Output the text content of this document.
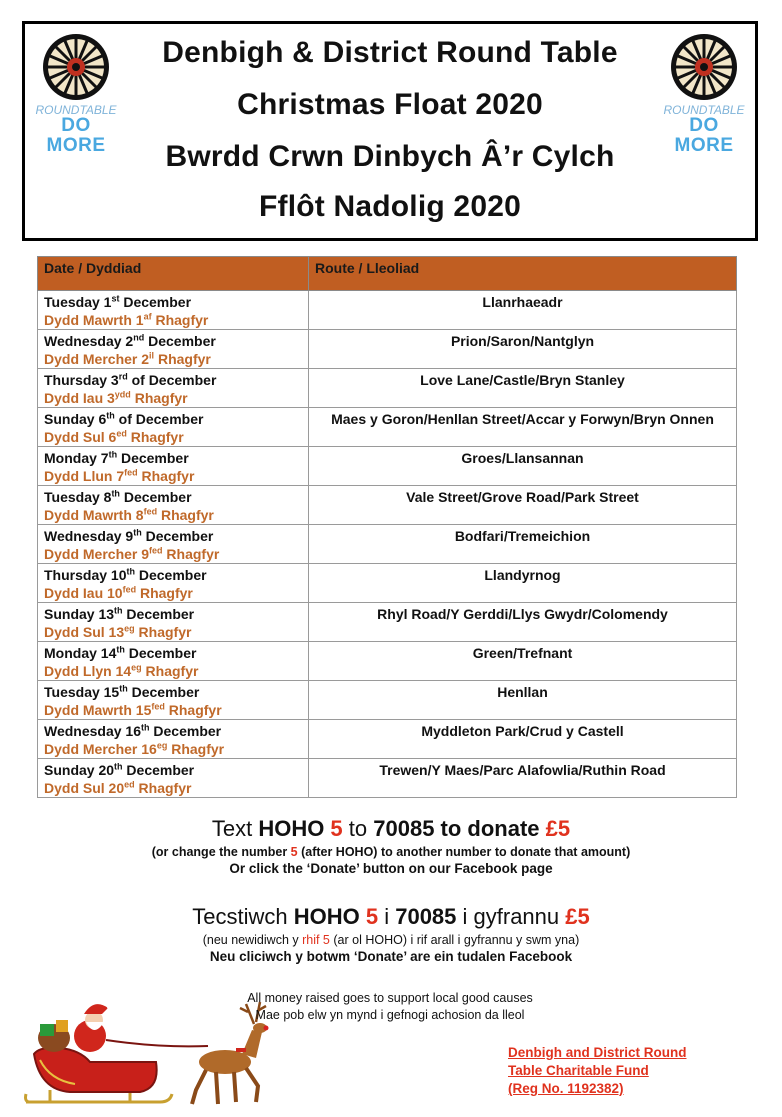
ROUNDTABLE
DO MORE
ROUNDTABLE
DO MORE
Denbigh & District Round Table
Christmas Float 2020
Bwrdd Crwn Dinbych Â’r Cylch
Fflôt Nadolig 2020
Date / Dyddiad	Route / Lleoliad

Tuesday 1st December
Dydd Mawrth $1^{af}$ Rhagfyr	Llanrhaeadr

Wednesday 2nd December
Dydd Mercher $2^{il}$ Rhagfyr	Prion/Saron/Nantglyn

Thursday 3rd of December
Dydd Iau $3^{ydd}$ Rhagfyr	Love Lane/Castle/Bryn Stanley

Sunday 6th of December
Dydd Sul $6^{ed}$ Rhagfyr	Maes y Goron/Henllan Street/Accar y Forwyn/Bryn Onnen

Monday 7th December
Dydd Llun $7^{fed}$ Rhagfyr	Groes/Llansannan

Tuesday 8th December
Dydd Mawrth $8^{fed}$ Rhagfyr	Vale Street/Grove Road/Park Street

Wednesday 9th December
Dydd Mercher $9^{fed}$ Rhagfyr	Bodfari/Tremeichion

Thursday 10th December
Dydd Iau $10^{fed}$ Rhagfyr	Llandyrnog

Sunday 13th December
Dydd Sul $13^{eg}$ Rhagfyr	Rhyl Road/Y Gerddi/Llys Gwydr/Colomendy

Monday 14th December
Dydd Llyn $14^{eg}$ Rhagfyr	Green/Trefnant

Tuesday 15th December
Dydd Mawrth $15^{fed}$ Rhagfyr	Henllan

Wednesday 16th December
Dydd Mercher $16^{eg}$ Rhagfyr	Myddleton Park/Crud y Castell

Sunday 20th December
Dydd Sul $20^{ed}$ Rhagfyr	Trewen/Y Maes/Parc Alafowlia/Ruthin Road
Text HOHO 5 to 70085 to donate £5
(or change the number 5 (after HOHO) to another number to donate that amount)
Or click the ‘Donate’ button on our Facebook page
Tecstiwch HOHO 5 i 70085 i gyfrannu £5
(neu newidiwch y rhif 5 (ar ol HOHO) i rif arall i gyfrannu y swm yna)
Neu cliciwch y botwm ‘Donate’ are ein tudalen Facebook
All money raised goes to support local good causes
Mae pob elw yn mynd i gefnogi achosion da lleol
Denbigh and District Round
Table Charitable Fund
(Reg No. 1192382)
